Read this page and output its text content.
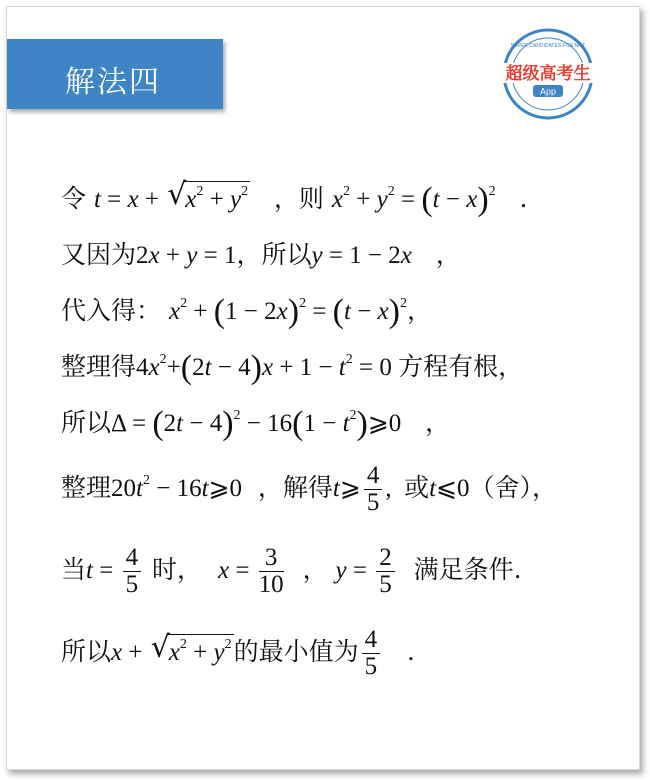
解法四
SUPER CANDIDATES FOR NMT
超级高考生
App
令 t = x + √
$x^2 + y^2$ ，则 $x^2 + y^2 = (t - x)^2$ .
又因为2x + y = 1，所以y = 1 − 2x ，
代入得： $x^2 + (1 - 2x)^2 = (t - x)^2$，
整理得$4x^2+(2t - 4)x + 1 - t^2 = 0$ 方程有根，
所以$\Delta = (2t - 4)^2 - 16(1$ − $t^2)⩾0$ ，
整理$20t^2$ − 16t⩾0 ，解得t⩾ $\frac{4}{5}$ ,  或t⩽0（舍），
当$t = \frac{4}{5}$ 时， $x = \frac{3}{10}$ ， $y = \frac{2}{5}$ 满足条件.
所以x + √
$x^2 + y^2$的最小值为 $\frac{4}{5}$ .
